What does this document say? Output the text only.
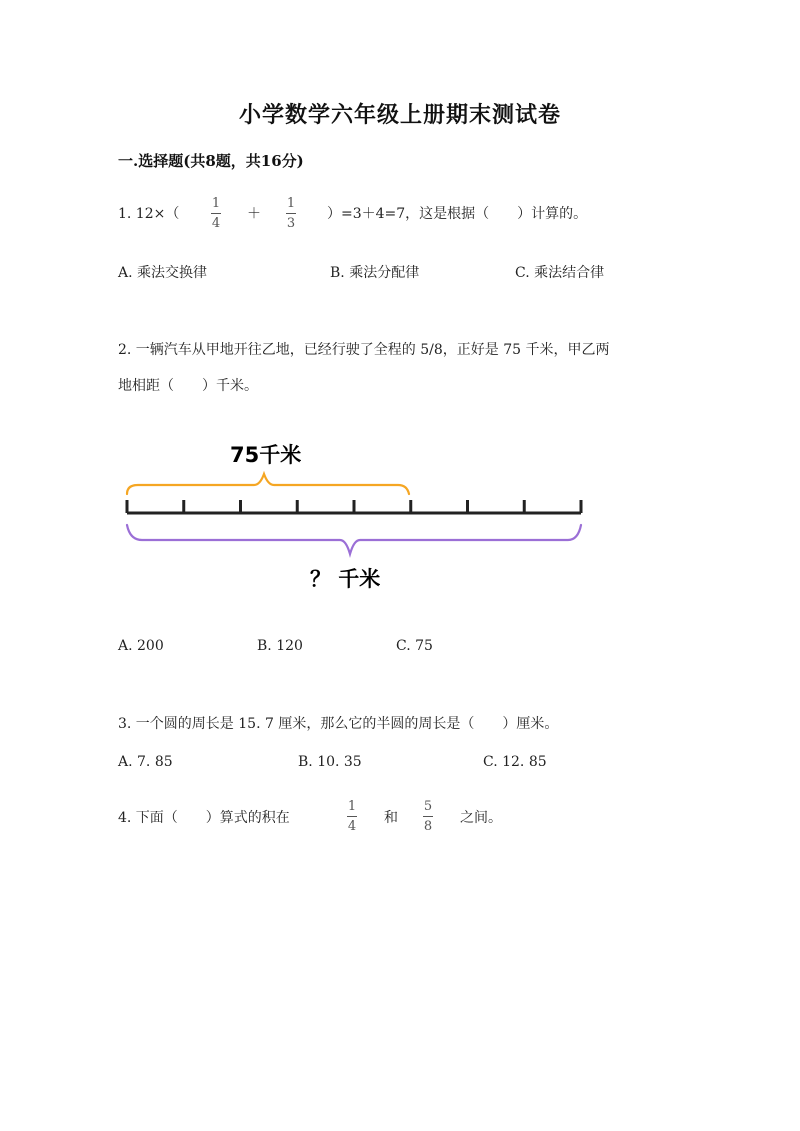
小学数学六年级上册期末测试卷
一.选择题(共8题，共16分)
1. 12×（
1
4
＋
1
3
）=3＋4=7，这是根据（　　）计算的。
A. 乘法交换律	B. 乘法分配律	C. 乘法结合律
2. 一辆汽车从甲地开往乙地，已经行驶了全程的 5/8，正好是 75 千米，甲乙两
地相距（　　）千米。
75千米
？ 千米
A. 200	B. 120	C. 75
3. 一个圆的周长是 15. 7 厘米，那么它的半圆的周长是（　　）厘米。
A. 7. 85	B. 10. 35	C. 12. 85
4. 下面（　　）算式的积在
1
4
和
5
8
之间。
